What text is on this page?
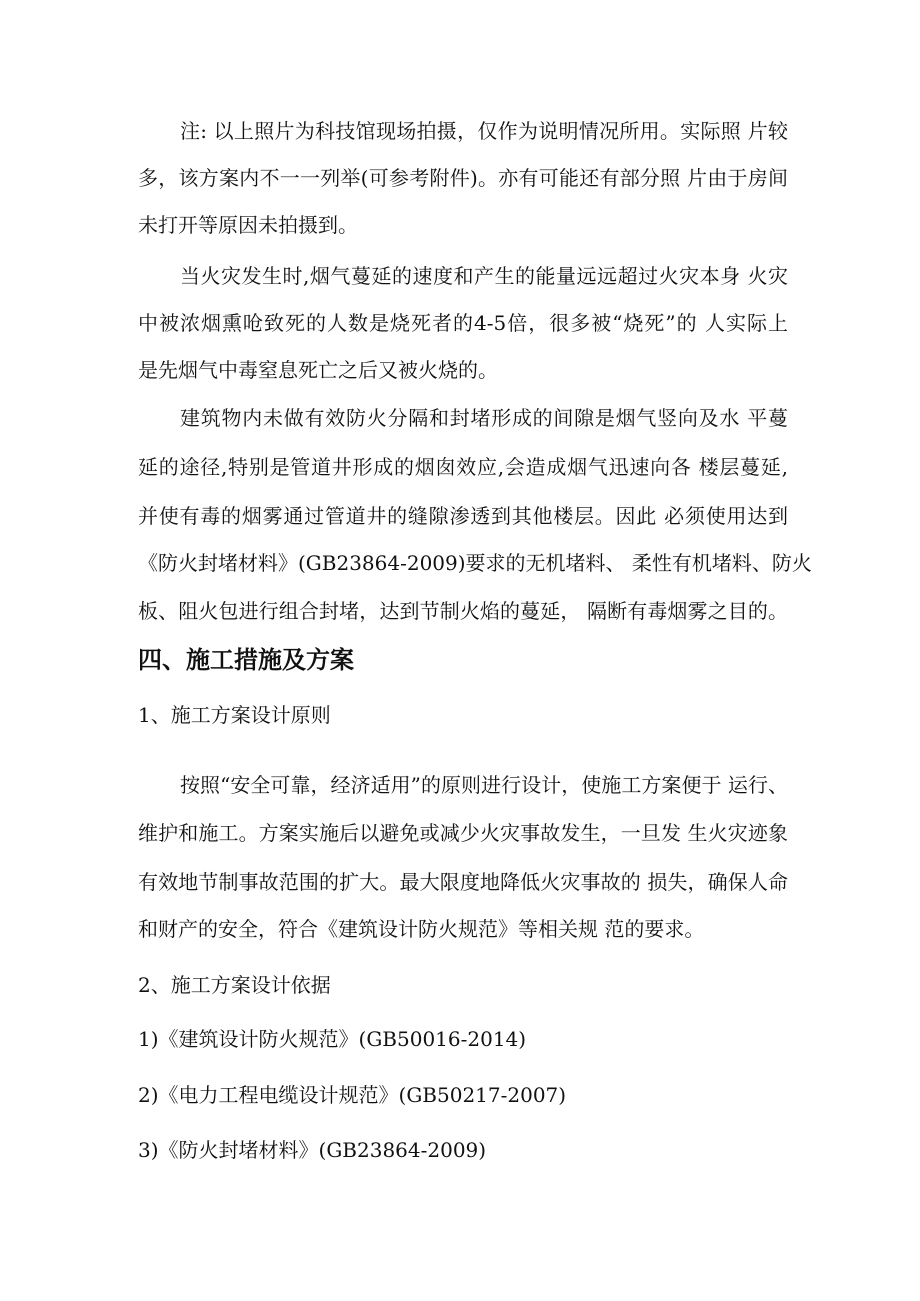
注: 以上照片为科技馆现场拍摄，仅作为说明情况所用。实际照 片较
多，该方案内不一一列举(可参考附件)。亦有可能还有部分照 片由于房间
未打开等原因未拍摄到。
当火灾发生时,烟气蔓延的速度和产生的能量远远超过火灾本身 火灾
中被浓烟熏呛致死的人数是烧死者的4-5倍，很多被“烧死”的 人实际上
是先烟气中毒窒息死亡之后又被火烧的。
建筑物内未做有效防火分隔和封堵形成的间隙是烟气竖向及水 平蔓
延的途径,特别是管道井形成的烟囱效应,会造成烟气迅速向各 楼层蔓延,
并使有毒的烟雾通过管道井的缝隙渗透到其他楼层。因此 必须使用达到
《防火封堵材料》(GB23864-2009)要求的无机堵料、 柔性有机堵料、防火
板、阻火包进行组合封堵，达到节制火焰的蔓延， 隔断有毒烟雾之目的。
四、施工措施及方案
1、施工方案设计原则
按照“安全可靠，经济适用”的原则进行设计，使施工方案便于 运行、
维护和施工。方案实施后以避免或减少火灾事故发生，一旦发 生火灾迹象
有效地节制事故范围的扩大。最大限度地降低火灾事故的 损失，确保人命
和财产的安全，符合《建筑设计防火规范》等相关规 范的要求。
2、施工方案设计依据
1)《建筑设计防火规范》(GB50016-2014)
2)《电力工程电缆设计规范》(GB50217-2007)
3)《防火封堵材料》(GB23864-2009)
